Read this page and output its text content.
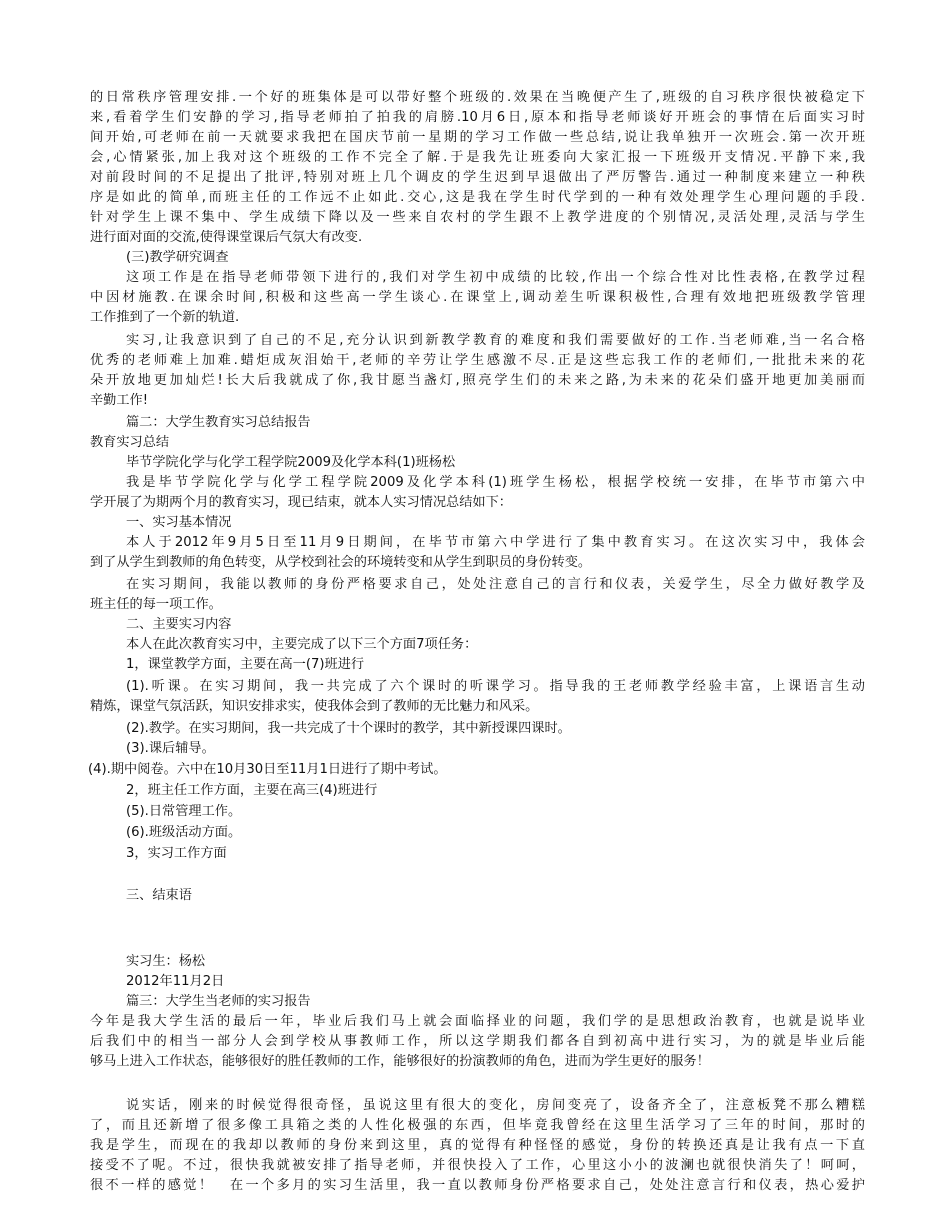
的日常秩序管理安排.一个好的班集体是可以带好整个班级的.效果在当晚便产生了,班级的自习秩序很快被稳定下
来,看着学生们安静的学习,指导老师拍了拍我的肩膀.10月6日,原本和指导老师谈好开班会的事情在后面实习时
间开始,可老师在前一天就要求我把在国庆节前一星期的学习工作做一些总结,说让我单独开一次班会.第一次开班
会,心情紧张,加上我对这个班级的工作不完全了解.于是我先让班委向大家汇报一下班级开支情况.平静下来,我
对前段时间的不足提出了批评,特别对班上几个调皮的学生迟到早退做出了严厉警告.通过一种制度来建立一种秩
序是如此的简单,而班主任的工作远不止如此.交心,这是我在学生时代学到的一种有效处理学生心理问题的手段.
针对学生上课不集中、学生成绩下降以及一些来自农村的学生跟不上教学进度的个别情况,灵活处理,灵活与学生
进行面对面的交流,使得课堂课后气氛大有改变.
(三)教学研究调查
这项工作是在指导老师带领下进行的,我们对学生初中成绩的比较,作出一个综合性对比性表格,在教学过程
中因材施教.在课余时间,积极和这些高一学生谈心.在课堂上,调动差生听课积极性,合理有效地把班级教学管理
工作推到了一个新的轨道.
实习,让我意识到了自己的不足,充分认识到新教学教育的难度和我们需要做好的工作.当老师难,当一名合格
优秀的老师难上加难.蜡炬成灰泪始干,老师的辛劳让学生感激不尽.正是这些忘我工作的老师们,一批批未来的花
朵开放地更加灿烂!长大后我就成了你,我甘愿当盏灯,照亮学生们的未来之路,为未来的花朵们盛开地更加美丽而
辛勤工作!
篇二：大学生教育实习总结报告
教育实习总结
毕节学院化学与化学工程学院2009及化学本科(1)班杨松
我是毕节学院化学与化学工程学院2009及化学本科(1)班学生杨松，根据学校统一安排，在毕节市第六中
学开展了为期两个月的教育实习，现已结束，就本人实习情况总结如下：
一、实习基本情况
本人于2012年9月5日至11月9日期间，在毕节市第六中学进行了集中教育实习。在这次实习中，我体会
到了从学生到教师的角色转变，从学校到社会的环境转变和从学生到职员的身份转变。
在实习期间，我能以教师的身份严格要求自己，处处注意自己的言行和仪表，关爱学生，尽全力做好教学及
班主任的每一项工作。
二、主要实习内容
本人在此次教育实习中，主要完成了以下三个方面7项任务：
1，课堂教学方面，主要在高一(7)班进行
(1).听课。在实习期间，我一共完成了六个课时的听课学习。指导我的王老师教学经验丰富，上课语言生动
精炼，课堂气氛活跃，知识安排求实，使我体会到了教师的无比魅力和风采。
(2).教学。在实习期间，我一共完成了十个课时的教学，其中新授课四课时。
(3).课后辅导。
(4).期中阅卷。六中在10月30日至11月1日进行了期中考试。
2，班主任工作方面，主要在高三(4)班进行
(5).日常管理工作。
(6).班级活动方面。
3，实习工作方面
三、结束语
实习生：杨松
2012年11月2日
篇三：大学生当老师的实习报告
今年是我大学生活的最后一年，毕业后我们马上就会面临择业的问题，我们学的是思想政治教育，也就是说毕业
后我们中的相当一部分人会到学校从事教师工作，所以这学期我们都各自到初高中进行实习，为的就是毕业后能
够马上进入工作状态，能够很好的胜任教师的工作，能够很好的扮演教师的角色，进而为学生更好的服务！
说实话，刚来的时候觉得很奇怪，虽说这里有很大的变化，房间变亮了，设备齐全了，注意板凳不那么糟糕
了，而且还新增了很多像工具箱之类的人性化极强的东西，但毕竟我曾经在这里生活学习了三年的时间，那时的
我是学生，而现在的我却以教师的身份来到这里，真的觉得有种怪怪的感觉，身份的转换还真是让我有点一下直
接受不了呢。不过，很快我就被安排了指导老师，并很快投入了工作，心里这小小的波澜也就很快消失了！呵呵，
很不一样的感觉！　在一个多月的实习生活里，我一直以教师身份严格要求自己，处处注意言行和仪表，热心爱护
